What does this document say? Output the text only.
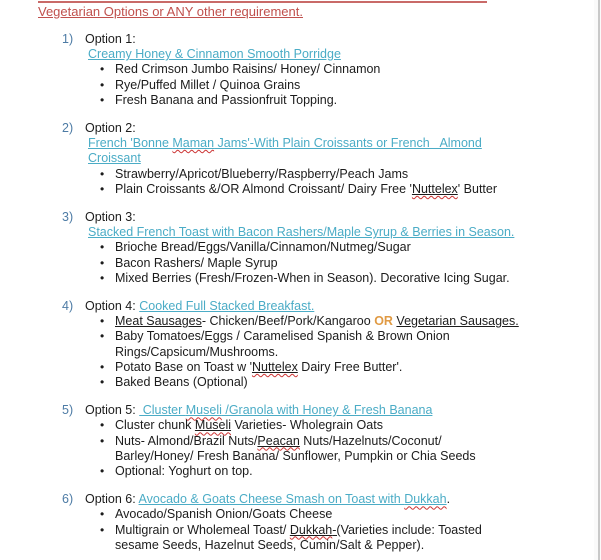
Vegetarian Options or ANY other requirement.
1) Option 1:
Creamy Honey & Cinnamon Smooth Porridge
• Red Crimson Jumbo Raisins/ Honey/ Cinnamon
• Rye/Puffed Millet / Quinoa Grains
• Fresh Banana and Passionfruit Topping.
2) Option 2:
French 'Bonne Maman Jams'-With Plain Croissants or French   Almond
Croissant
• Strawberry/Apricot/Blueberry/Raspberry/Peach Jams
• Plain Croissants &/OR Almond Croissant/ Dairy Free 'Nuttelex' Butter
3) Option 3:
Stacked French Toast with Bacon Rashers/Maple Syrup & Berries in Season.
• Brioche Bread/Eggs/Vanilla/Cinnamon/Nutmeg/Sugar
• Bacon Rashers/ Maple Syrup
• Mixed Berries (Fresh/Frozen-When in Season). Decorative Icing Sugar.
4) Option 4: Cooked Full Stacked Breakfast.
• Meat Sausages- Chicken/Beef/Pork/Kangaroo OR Vegetarian Sausages.
• Baby Tomatoes/Eggs / Caramelised Spanish & Brown Onion
Rings/Capsicum/Mushrooms.
• Potato Base on Toast w 'Nuttelex Dairy Free Butter'.
• Baked Beans (Optional)
5) Option 5:  Cluster Museli /Granola with Honey & Fresh Banana
• Cluster chunk Museli Varieties- Wholegrain Oats
• Nuts- Almond/Brazil Nuts/Peacan Nuts/Hazelnuts/Coconut/
Barley/Honey/ Fresh Banana/ Sunflower, Pumpkin or Chia Seeds
• Optional: Yoghurt on top.
6) Option 6: Avocado & Goats Cheese Smash on Toast with Dukkah.
• Avocado/Spanish Onion/Goats Cheese
• Multigrain or Wholemeal Toast/ Dukkah-(Varieties include: Toasted
sesame Seeds, Hazelnut Seeds, Cumin/Salt & Pepper).
